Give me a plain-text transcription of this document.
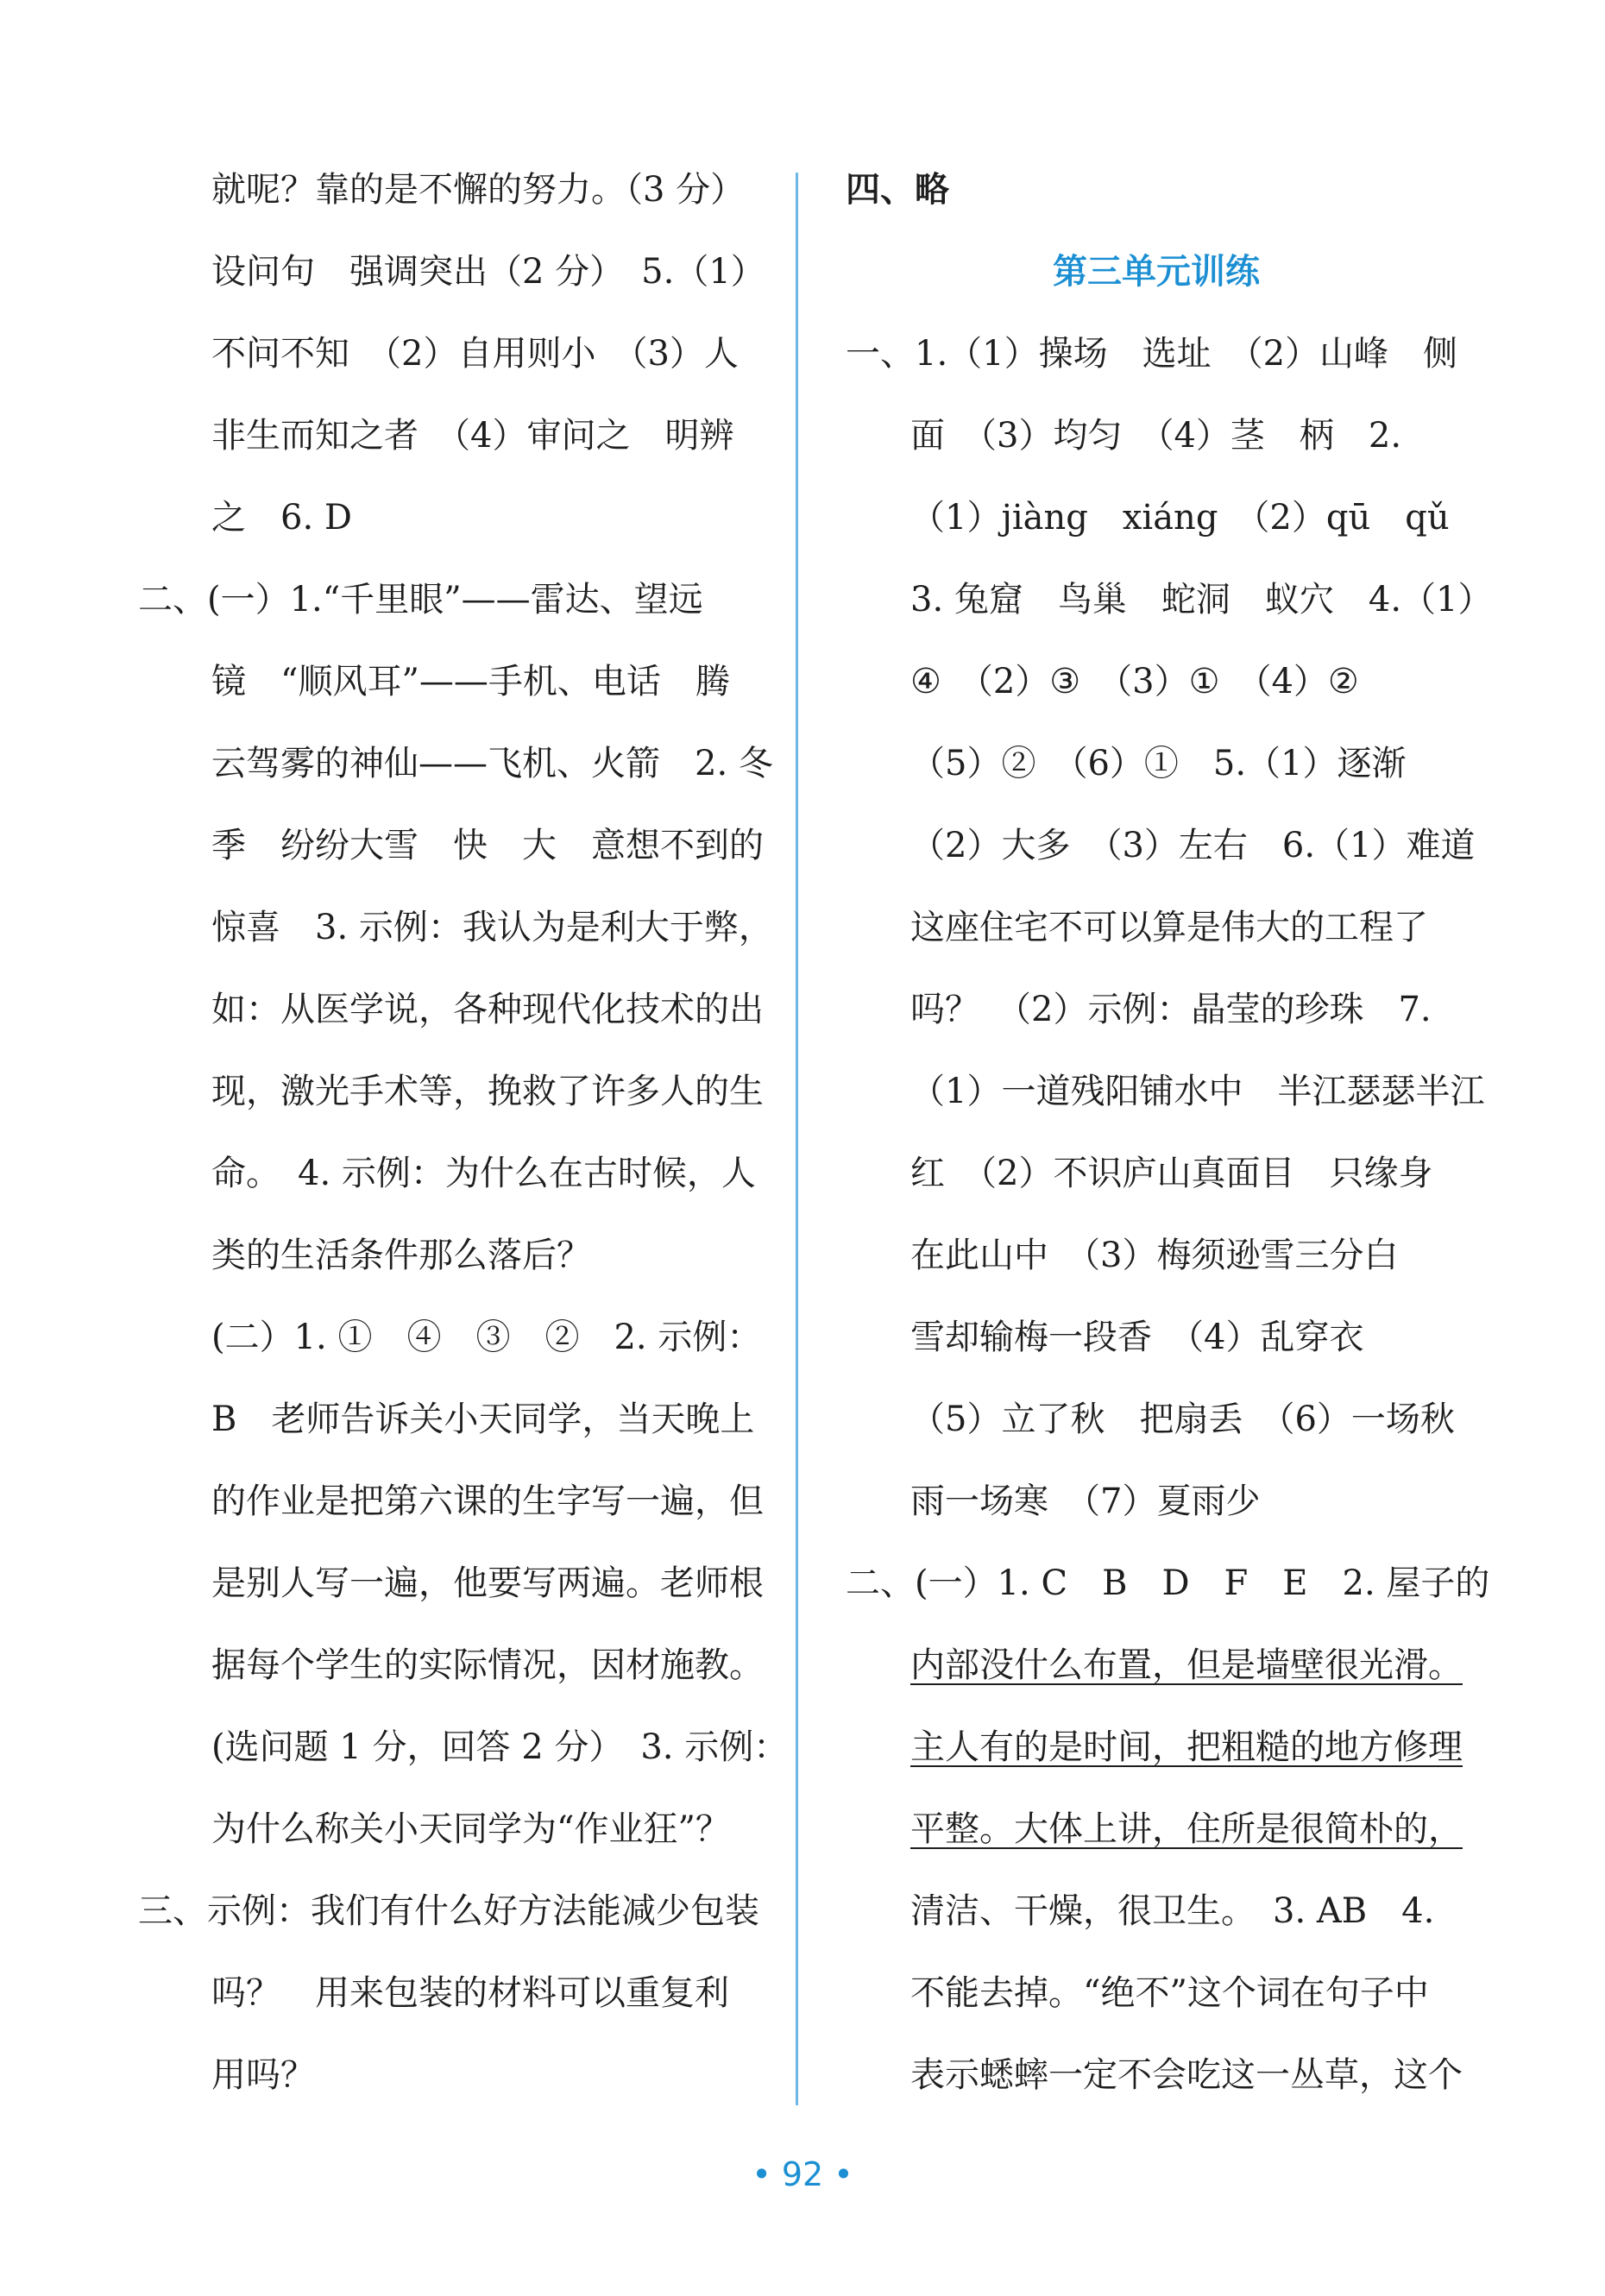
就呢？靠的是不懈的努力。（3 分）
设问句　强调突出（2 分）　5.（1）
不问不知　（2）自用则小　（3）人
非生而知之者　（4）审问之　明辨
之　6. D
二、(一）1.“千里眼”——雷达、望远
镜　“顺风耳”——手机、电话　腾
云驾雾的神仙——飞机、火箭　2. 冬
季　纷纷大雪　快　大　意想不到的
惊喜　3. 示例：我认为是利大于弊，
如：从医学说，各种现代化技术的出
现，激光手术等，挽救了许多人的生
命。　4. 示例：为什么在古时候，人
类的生活条件那么落后？
(二）1. ①　④　③　②　2. 示例：
B　老师告诉关小天同学，当天晚上
的作业是把第六课的生字写一遍，但
是别人写一遍，他要写两遍。老师根
据每个学生的实际情况，因材施教。
(选问题 1 分，回答 2 分）　3. 示例：
为什么称关小天同学为“作业狂”？
三、示例：我们有什么好方法能减少包装
吗？　用来包装的材料可以重复利
用吗？
四、略
第三单元训练
一、1.（1）操场　选址　（2）山峰　侧
面　（3）均匀　（4）茎　柄　2.
（1）jiàng　xiáng　（2）qū　qǔ
3. 兔窟　鸟巢　蛇洞　蚁穴　4.（1）
④　（2）③　（3）①　（4）②
（5）②　（6）①　5.（1）逐渐
（2）大多　（3）左右　6.（1）难道
这座住宅不可以算是伟大的工程了
吗？　（2）示例：晶莹的珍珠　7.
（1）一道残阳铺水中　半江瑟瑟半江
红　（2）不识庐山真面目　只缘身
在此山中　（3）梅须逊雪三分白
雪却输梅一段香　（4）乱穿衣
（5）立了秋　把扇丢　（6）一场秋
雨一场寒　（7）夏雨少
二、(一）1. C　B　D　F　E　2. 屋子的
内部没什么布置，但是墙壁很光滑。
主人有的是时间，把粗糙的地方修理
平整。大体上讲，住所是很简朴的，
清洁、干燥，很卫生。　3. AB　4.
不能去掉。“绝不”这个词在句子中
表示蟋蟀一定不会吃这一丛草，这个
• 92 •
